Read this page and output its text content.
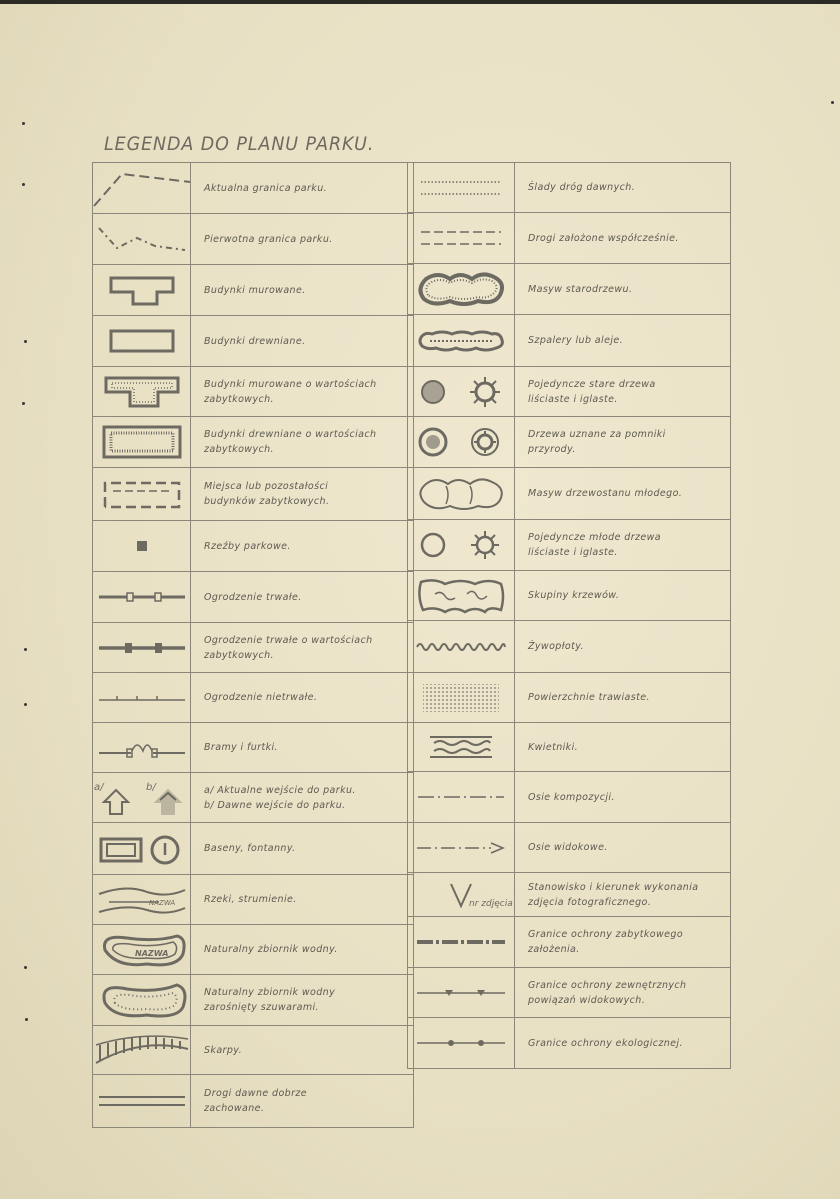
LEGENDA DO PLANU PARKU.
Aktualna granica parku.
Pierwotna granica parku.
Budynki murowane.
Budynki drewniane.
Budynki murowane o wartościach
zabytkowych.
Budynki drewniane o wartościach
zabytkowych.
Miejsca lub pozostałości
budynków zabytkowych.
Rzeźby parkowe.
Ogrodzenie trwałe.
Ogrodzenie trwałe o wartościach
zabytkowych.
Ogrodzenie nietrwałe.
Bramy i furtki.
a/	b/	a/ Aktualne wejście do parku.
b/ Dawne wejście do parku.
Baseny, fontanny.
NAZWA	Rzeki, strumienie.
NAZWA	Naturalny zbiornik wodny.
Naturalny zbiornik wodny
zarośnięty szuwarami.
Skarpy.
Drogi dawne dobrze
zachowane.
Ślady dróg dawnych.
Drogi założone współcześnie.
Masyw starodrzewu.
Szpalery lub aleje.
Pojedyncze stare drzewa
liściaste i iglaste.
Drzewa uznane za pomniki
przyrody.
Masyw drzewostanu młodego.
Pojedyncze młode drzewa
liściaste i iglaste.
Skupiny krzewów.
Żywopłoty.
Powierzchnie trawiaste.
Kwietniki.
Osie kompozycji.
Osie widokowe.
nr zdjęcia
Stanowisko i kierunek wykonania
zdjęcia fotograficznego.
Granice ochrony zabytkowego
założenia.
Granice ochrony zewnętrznych
powiązań widokowych.
Granice ochrony ekologicznej.
